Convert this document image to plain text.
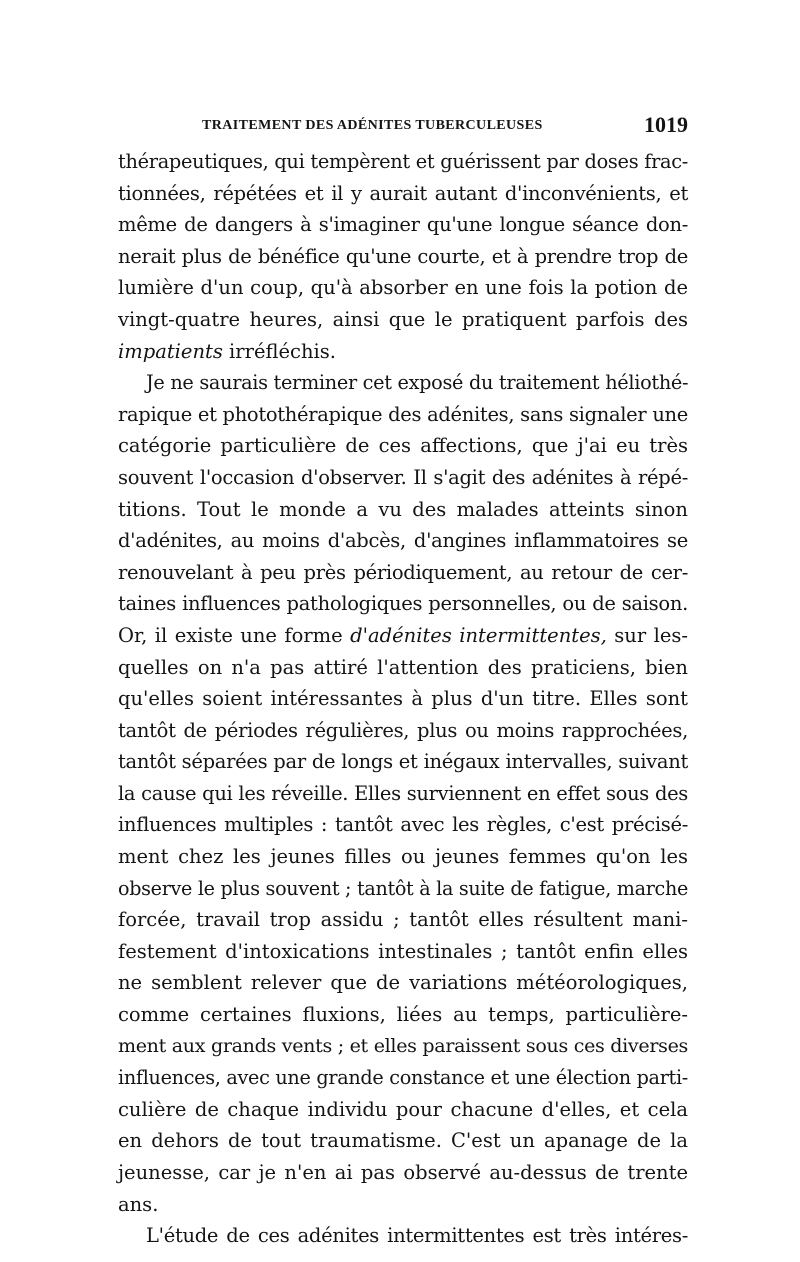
TRAITEMENT DES ADÉNITES TUBERCULEUSES	1019
thérapeutiques, qui tempèrent et guérissent par doses frac-
tionnées, répétées et il y aurait autant d'inconvénients, et
même de dangers à s'imaginer qu'une longue séance don-
nerait plus de bénéfice qu'une courte, et à prendre trop de
lumière d'un coup, qu'à absorber en une fois la potion de
vingt-quatre heures, ainsi que le pratiquent parfois des
impatients irréfléchis.
Je ne saurais terminer cet exposé du traitement héliothé-
rapique et photothérapique des adénites, sans signaler une
catégorie particulière de ces affections, que j'ai eu très
souvent l'occasion d'observer. Il s'agit des adénites à répé-
titions. Tout le monde a vu des malades atteints sinon
d'adénites, au moins d'abcès, d'angines inflammatoires se
renouvelant à peu près périodiquement, au retour de cer-
taines influences pathologiques personnelles, ou de saison.
Or, il existe une forme d'adénites intermittentes, sur les-
quelles on n'a pas attiré l'attention des praticiens, bien
qu'elles soient intéressantes à plus d'un titre. Elles sont
tantôt de périodes régulières, plus ou moins rapprochées,
tantôt séparées par de longs et inégaux intervalles, suivant
la cause qui les réveille. Elles surviennent en effet sous des
influences multiples : tantôt avec les règles, c'est précisé-
ment chez les jeunes filles ou jeunes femmes qu'on les
observe le plus souvent ; tantôt à la suite de fatigue, marche
forcée, travail trop assidu ; tantôt elles résultent mani-
festement d'intoxications intestinales ; tantôt enfin elles
ne semblent relever que de variations météorologiques,
comme certaines fluxions, liées au temps, particulière-
ment aux grands vents ; et elles paraissent sous ces diverses
influences, avec une grande constance et une élection parti-
culière de chaque individu pour chacune d'elles, et cela
en dehors de tout traumatisme. C'est un apanage de la
jeunesse, car je n'en ai pas observé au-dessus de trente
ans.
L'étude de ces adénites intermittentes est très intéres-
